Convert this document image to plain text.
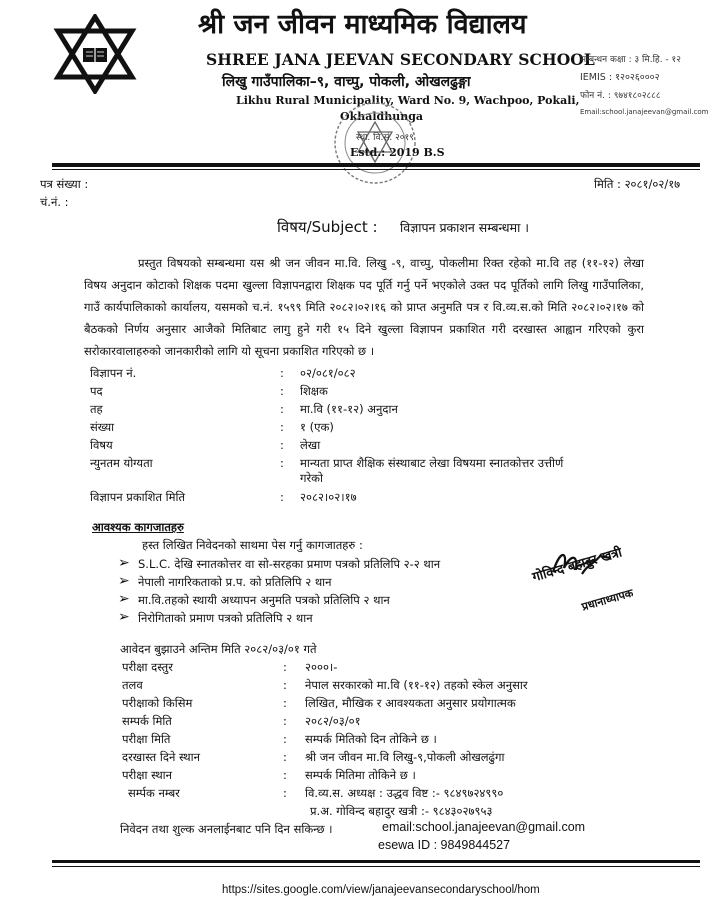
श्री जन जीवन माध्यमिक विद्यालय
SHREE JANA JEEVAN SECONDARY SCHOOL
लिखु गाउँपालिका–९, वाच्पु, पोकली, ओखलढुङ्गा
Likhu Rural Municipality, Ward No. 9, Wachpoo, Pokali,
Okhaldhunga
सम्बन्धन कक्षा : ३ मि.हि. - १२
IEMIS : १२०२६०००२
फोन नं. : ९७४१८०२८८८
Email:school.janajeevan@gmail.com
स्था. वि.सं. २०१९
Estd.: 2019 B.S
पत्र संख्या :
चं.नं. :
मिति : २०८१/०२/१७
विषय/Subject : विज्ञापन प्रकाशन सम्बन्धमा ।
प्रस्तुत विषयको सम्बन्धमा यस श्री जन जीवन मा.वि. लिखु -९, वाच्पु, पोकलीमा रिक्त रहेको मा.वि तह (११-१२) लेखा विषय अनुदान कोटाको शिक्षक पदमा खुल्ला विज्ञापनद्वारा शिक्षक पद पूर्ति गर्नु पर्ने भएकोले उक्त पद पूर्तिको लागि लिखु गाउँपालिका, गाउँ कार्यपालिकाको कार्यालय, यसमको च.नं. १५९९ मिति २०८२।०२।१६ को प्राप्त अनुमति पत्र र वि.व्य.स.को मिति २०८२।०२।१७ को बैठकको निर्णय अनुसार आजैको मितिबाट लागु हुने गरी १५ दिने खुल्ला विज्ञापन प्रकाशित गरी दरखास्त आह्वान गरिएको कुरा सरोकारवालाहरुको जानकारीको लागि यो सूचना प्रकाशित गरिएको छ ।
विज्ञापन नं.	: ०२/०८१/०८२
पद	: शिक्षक
तह	: मा.वि (११-१२) अनुदान
संख्या	: १ (एक)
विषय	: लेखा
न्युनतम योग्यता	: मान्यता प्राप्त शैक्षिक संस्थाबाट लेखा विषयमा स्नातकोत्तर उत्तीर्ण
गरेको
विज्ञापन प्रकाशित मिति	: २०८२।०२।१७
आवश्यक कागजातहरु
हस्त लिखित निवेदनको साथमा पेस गर्नु कागजातहरु :
➢ S.L.C. देखि स्नातकोत्तर वा सो-सरहका प्रमाण पत्रको प्रतिलिपि २-२ थान
➢ नेपाली नागरिकताको प्र.प. को प्रतिलिपि २ थान
➢ मा.वि.तहको स्थायी अध्यापन अनुमति पत्रको प्रतिलिपि २ थान
➢ निरोगिताको प्रमाण पत्रको प्रतिलिपि २ थान
गोविन्द बहादुर खत्री
प्रधानाध्यापक
आवेदन बुझाउने अन्तिम मिति २०८२/०३/०१ गते
परीक्षा दस्तुर	: २०००।-
तलव	: नेपाल सरकारको मा.वि (११-१२) तहको स्केल अनुसार
परीक्षाको किसिम	: लिखित, मौखिक र आवश्यकता अनुसार प्रयोगात्मक
सम्पर्क मिति	: २०८२/०३/०१
परीक्षा मिति	: सम्पर्क मितिको दिन तोकिने छ ।
दरखास्त दिने स्थान	: श्री जन जीवन मा.वि लिखु-९,पोकली ओखलढुंगा
परीक्षा स्थान	: सम्पर्क मितिमा तोकिने छ ।
सर्म्पक नम्बर	: वि.व्य.स. अध्यक्ष : उद्धव विष्ट :- ९८४९७२४९९०
प्र.अ. गोविन्द बहादुर खत्री :- ९८४३०२७९५३
निवेदन तथा शुल्क अनलाईनबाट पनि दिन सकिन्छ ।	email:school.janajeevan@gmail.com
esewa ID : 9849844527
https://sites.google.com/view/janajeevansecondaryschool/hom
